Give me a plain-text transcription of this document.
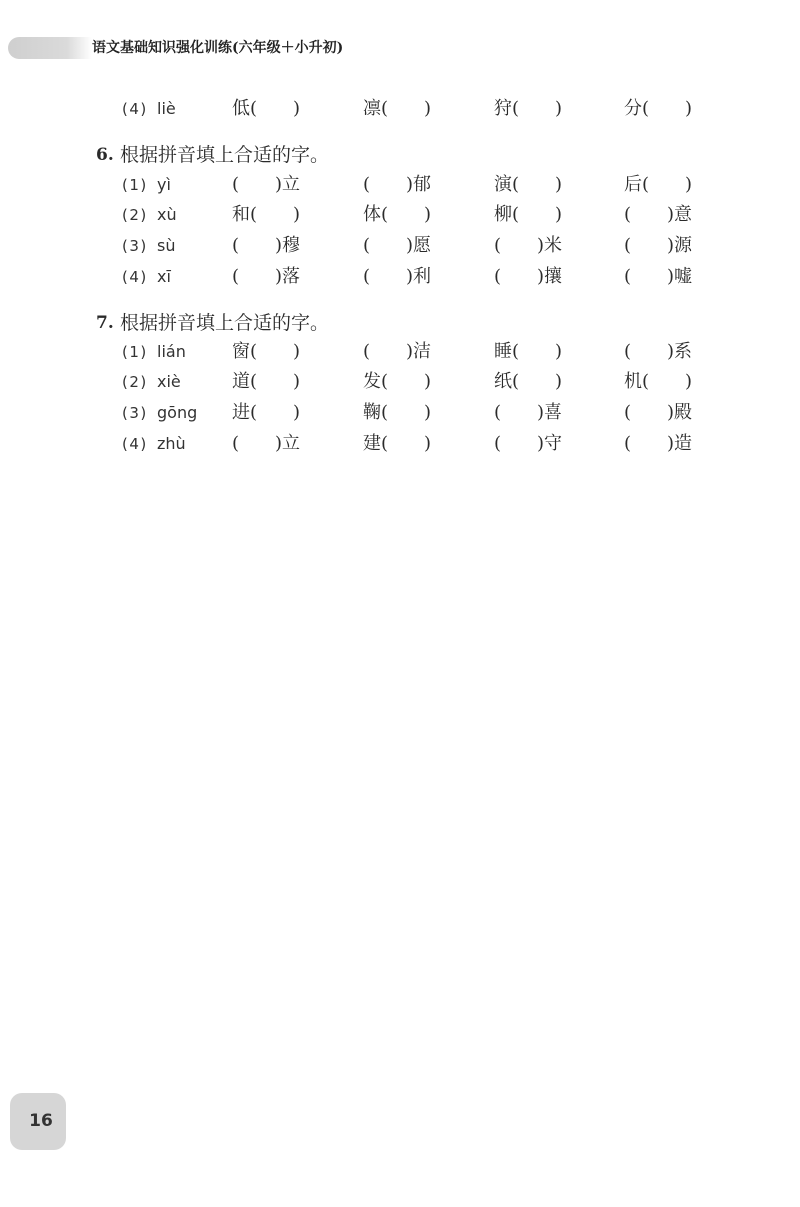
语文基础知识强化训练(六年级＋小升初)
(4) liè	低(　　)	凛(　　)	狩(　　)	分(　　)
6. 根据拼音填上合适的字。
(1) yì	(　　)立	(　　)郁	演(　　)	后(　　)
(2) xù	和(　　)	体(　　)	柳(　　)	(　　)意
(3) sù	(　　)穆	(　　)愿	(　　)米	(　　)源
(4) xī	(　　)落	(　　)利	(　　)攘	(　　)嘘
7. 根据拼音填上合适的字。
(1) lián	窗(　　)	(　　)洁	睡(　　)	(　　)系
(2) xiè	道(　　)	发(　　)	纸(　　)	机(　　)
(3) gōng 进(　　)	鞠(　　)	(　　)喜	(　　)殿
(4) zhù	(　　)立	建(　　)	(　　)守	(　　)造
16
